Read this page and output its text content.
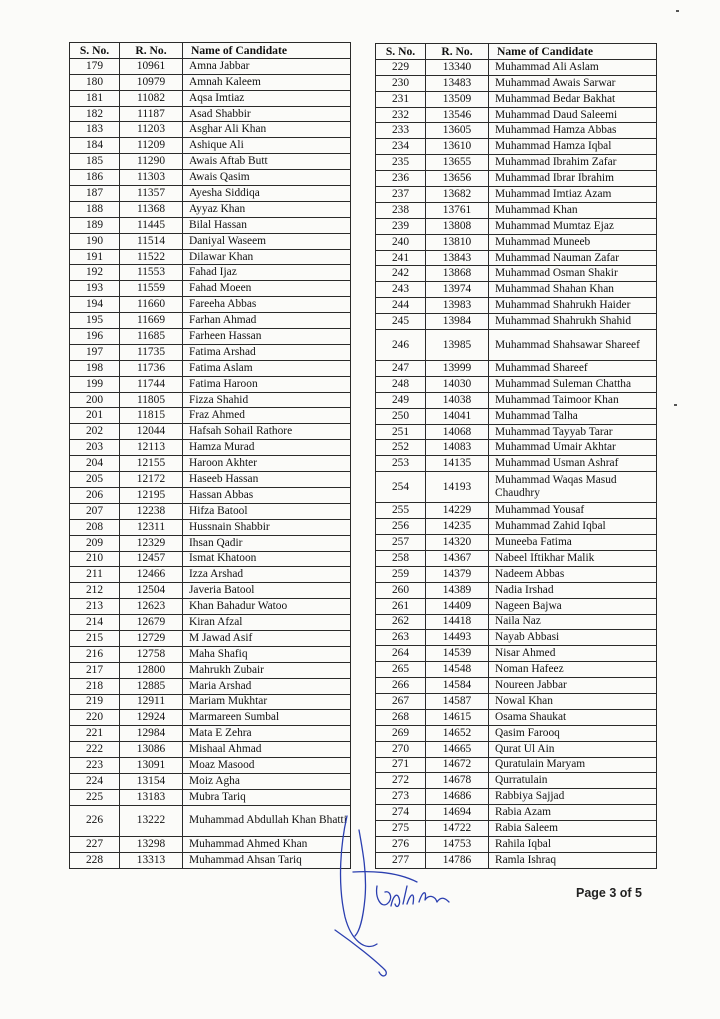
S. No.	R. No.	Name of Candidate
179	10961	Amna Jabbar
180	10979	Amnah Kaleem
181	11082	Aqsa Imtiaz
182	11187	Asad Shabbir
183	11203	Asghar Ali Khan
184	11209	Ashique Ali
185	11290	Awais Aftab Butt
186	11303	Awais Qasim
187	11357	Ayesha Siddiqa
188	11368	Ayyaz Khan
189	11445	Bilal Hassan
190	11514	Daniyal Waseem
191	11522	Dilawar Khan
192	11553	Fahad Ijaz
193	11559	Fahad Moeen
194	11660	Fareeha Abbas
195	11669	Farhan Ahmad
196	11685	Farheen Hassan
197	11735	Fatima Arshad
198	11736	Fatima Aslam
199	11744	Fatima Haroon
200	11805	Fizza Shahid
201	11815	Fraz Ahmed
202	12044	Hafsah Sohail Rathore
203	12113	Hamza Murad
204	12155	Haroon Akhter
205	12172	Haseeb Hassan
206	12195	Hassan Abbas
207	12238	Hifza Batool
208	12311	Hussnain Shabbir
209	12329	Ihsan Qadir
210	12457	Ismat Khatoon
211	12466	Izza Arshad
212	12504	Javeria Batool
213	12623	Khan Bahadur Watoo
214	12679	Kiran Afzal
215	12729	M Jawad Asif
216	12758	Maha Shafiq
217	12800	Mahrukh Zubair
218	12885	Maria Arshad
219	12911	Mariam Mukhtar
220	12924	Marmareen Sumbal
221	12984	Mata E Zehra
222	13086	Mishaal Ahmad
223	13091	Moaz Masood
224	13154	Moiz Agha
225	13183	Mubra Tariq
226	13222	Muhammad Abdullah Khan Bhatti
227	13298	Muhammad Ahmed Khan
228	13313	Muhammad Ahsan Tariq
S. No.	R. No.	Name of Candidate
229	13340	Muhammad Ali Aslam
230	13483	Muhammad Awais Sarwar
231	13509	Muhammad Bedar Bakhat
232	13546	Muhammad Daud Saleemi
233	13605	Muhammad Hamza Abbas
234	13610	Muhammad Hamza Iqbal
235	13655	Muhammad Ibrahim Zafar
236	13656	Muhammad Ibrar Ibrahim
237	13682	Muhammad Imtiaz Azam
238	13761	Muhammad Khan
239	13808	Muhammad Mumtaz Ejaz
240	13810	Muhammad Muneeb
241	13843	Muhammad Nauman Zafar
242	13868	Muhammad Osman Shakir
243	13974	Muhammad Shahan Khan
244	13983	Muhammad Shahrukh Haider
245	13984	Muhammad Shahrukh Shahid
246	13985	Muhammad Shahsawar Shareef
247	13999	Muhammad Shareef
248	14030	Muhammad Suleman Chattha
249	14038	Muhammad Taimoor Khan
250	14041	Muhammad Talha
251	14068	Muhammad Tayyab Tarar
252	14083	Muhammad Umair Akhtar
253	14135	Muhammad Usman Ashraf
254	14193	Muhammad Waqas Masud Chaudhry
255	14229	Muhammad Yousaf
256	14235	Muhammad Zahid Iqbal
257	14320	Muneeba Fatima
258	14367	Nabeel Iftikhar Malik
259	14379	Nadeem Abbas
260	14389	Nadia Irshad
261	14409	Nageen Bajwa
262	14418	Naila Naz
263	14493	Nayab Abbasi
264	14539	Nisar Ahmed
265	14548	Noman Hafeez
266	14584	Noureen Jabbar
267	14587	Nowal Khan
268	14615	Osama Shaukat
269	14652	Qasim Farooq
270	14665	Qurat Ul Ain
271	14672	Quratulain Maryam
272	14678	Qurratulain
273	14686	Rabbiya Sajjad
274	14694	Rabia Azam
275	14722	Rabia Saleem
276	14753	Rahila Iqbal
277	14786	Ramla Ishraq
Page 3 of 5
